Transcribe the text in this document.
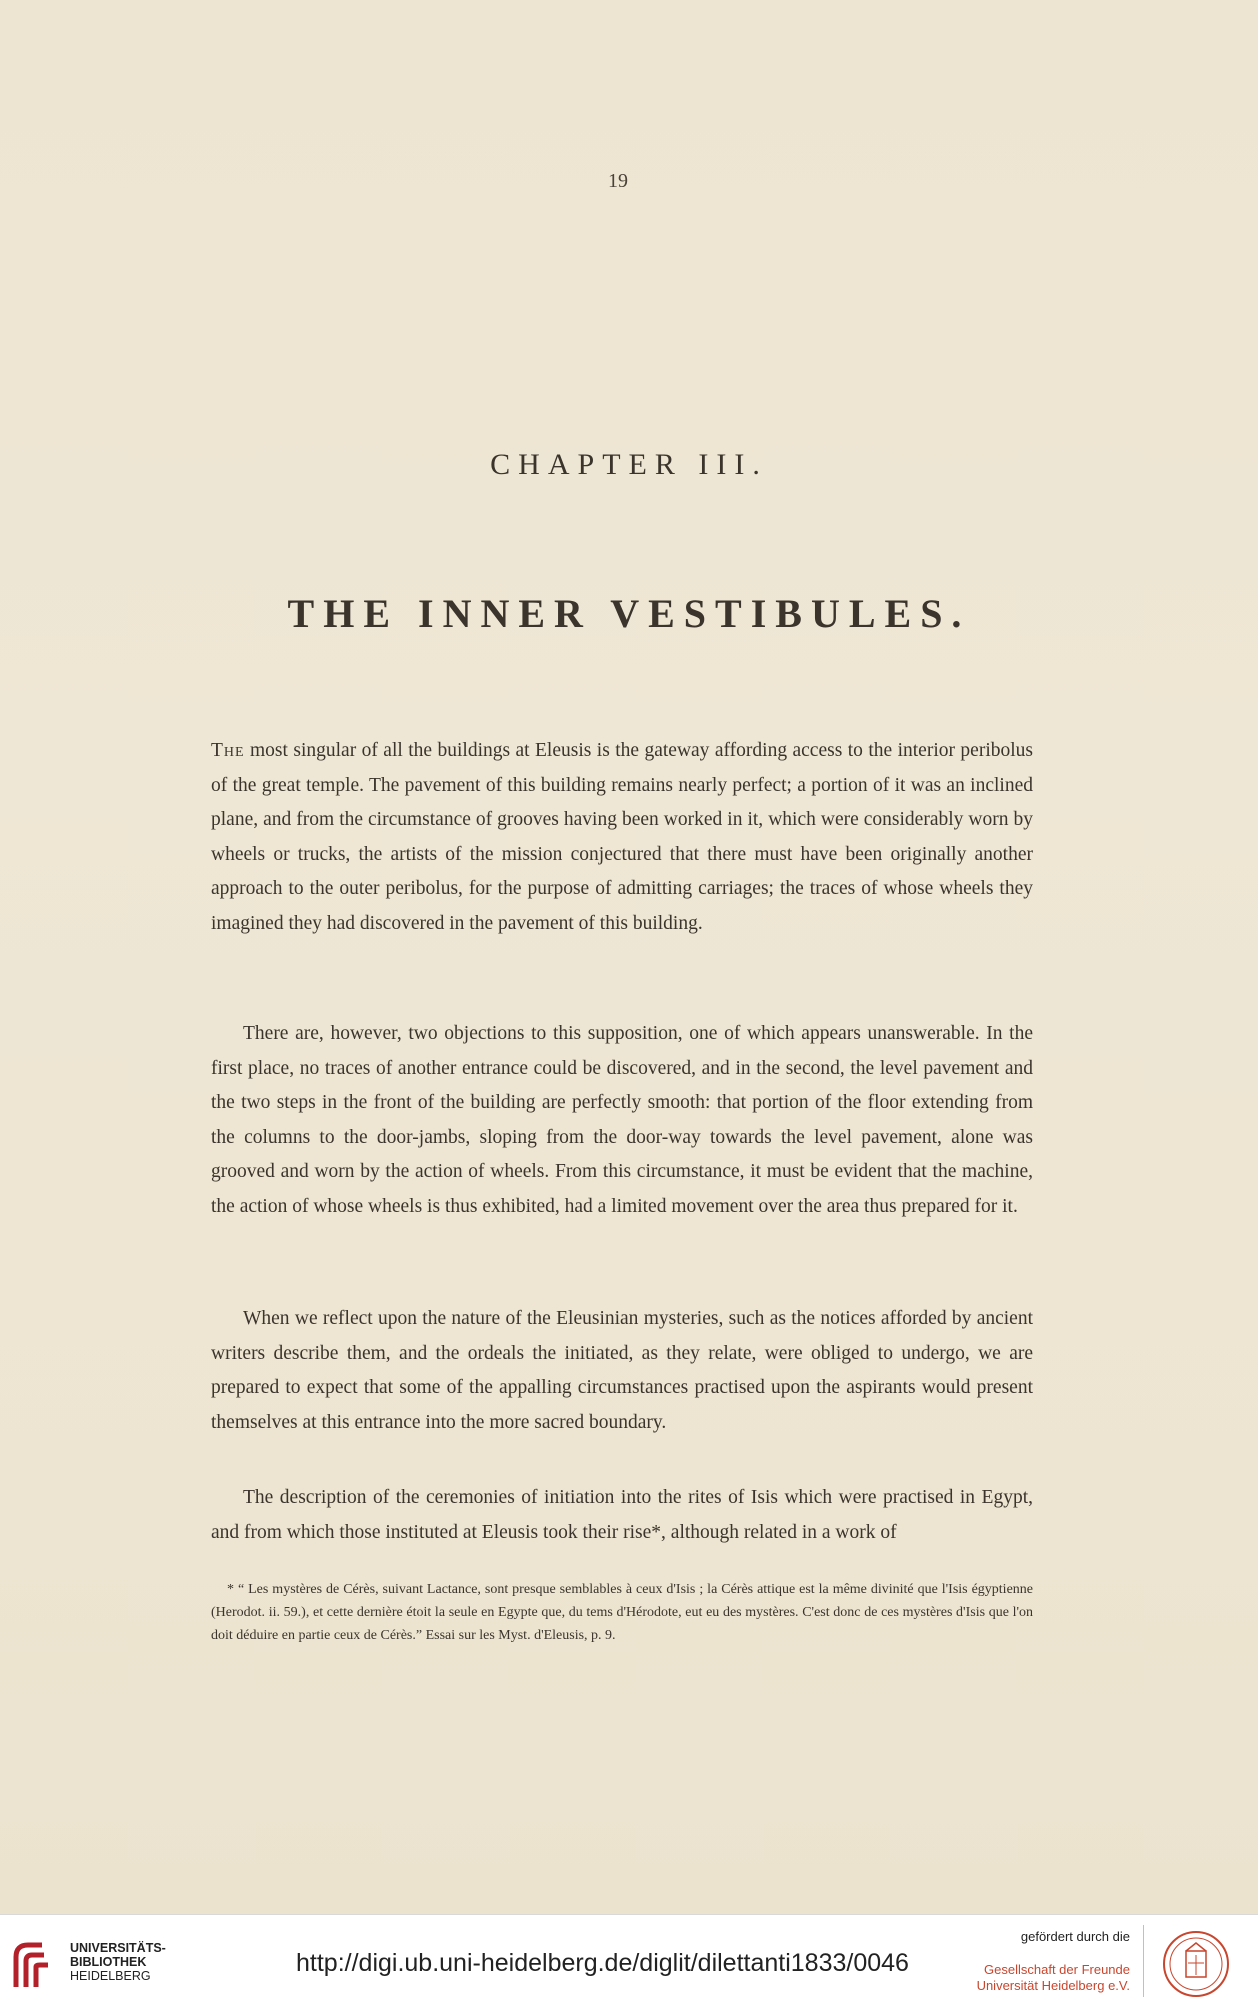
19
CHAPTER III.
THE INNER VESTIBULES.

The most singular of all the buildings at Eleusis is the gateway affording access to the interior peribolus of the great temple. The pavement of this building remains nearly perfect; a portion of it was an inclined plane, and from the circumstance of grooves having been worked in it, which were considerably worn by wheels or trucks, the artists of the mission conjectured that there must have been originally another approach to the outer peribolus, for the purpose of admitting carriages; the traces of whose wheels they imagined they had discovered in the pavement of this building.

There are, however, two objections to this supposition, one of which appears unanswerable. In the first place, no traces of another entrance could be discovered, and in the second, the level pavement and the two steps in the front of the building are perfectly smooth: that portion of the floor extending from the columns to the door-jambs, sloping from the door-way towards the level pavement, alone was grooved and worn by the action of wheels. From this circumstance, it must be evident that the machine, the action of whose wheels is thus exhibited, had a limited movement over the area thus prepared for it.

When we reflect upon the nature of the Eleusinian mysteries, such as the notices afforded by ancient writers describe them, and the ordeals the initiated, as they relate, were obliged to undergo, we are prepared to expect that some of the appalling circumstances practised upon the aspirants would present themselves at this entrance into the more sacred boundary.

The description of the ceremonies of initiation into the rites of Isis which were practised in Egypt, and from which those instituted at Eleusis took their rise*, although related in a work of

* “ Les mystères de Cérès, suivant Lactance, sont presque semblables à ceux d'Isis ; la Cérès attique est la même divinité que l'Isis égyptienne (Herodot. ii. 59.), et cette dernière étoit la seule en Egypte que, du tems d'Hérodote, eut eu des mystères. C'est donc de ces mystères d'Isis que l'on doit déduire en partie ceux de Cérès.” Essai sur les Myst. d'Eleusis, p. 9.
UNIVERSITÄTS-
BIBLIOTHEK
HEIDELBERG	http://digi.ub.uni-heidelberg.de/diglit/dilettanti1833/0046
gefördert durch die
Gesellschaft der Freunde
Universität Heidelberg e.V.
